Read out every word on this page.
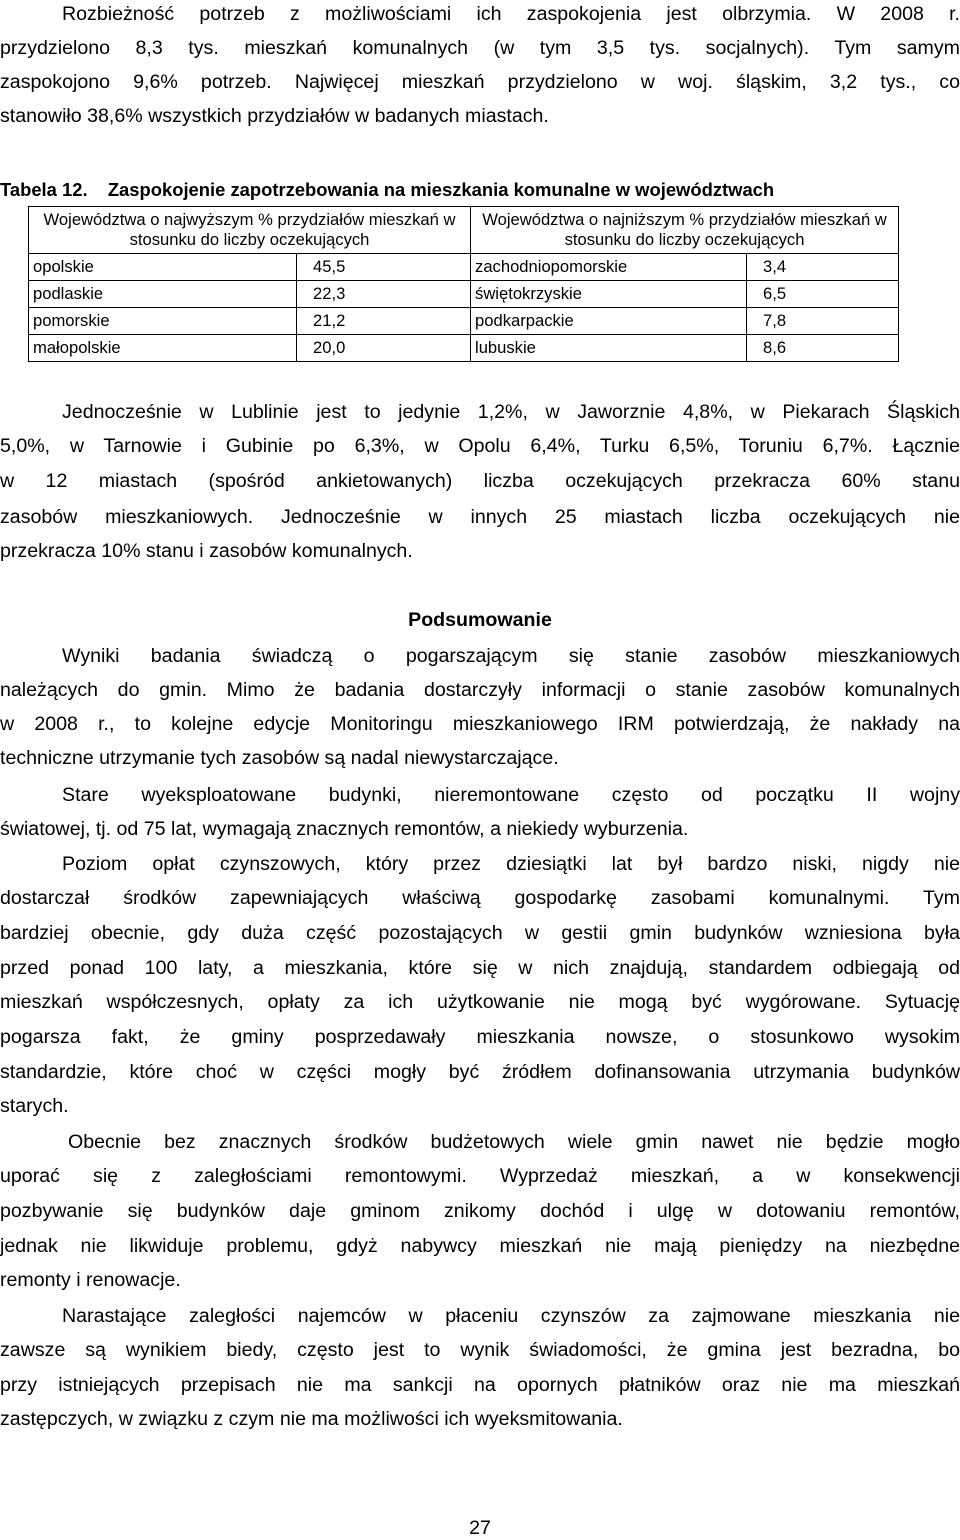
Rozbieżność potrzeb z możliwościami ich zaspokojenia jest olbrzymia. W 2008 r.
przydzielono 8,3 tys. mieszkań komunalnych (w tym 3,5 tys. socjalnych). Tym samym
zaspokojono 9,6% potrzeb. Najwięcej mieszkań przydzielono w woj. śląskim, 3,2 tys., co
stanowiło 38,6% wszystkich przydziałów w badanych miastach.
Tabela 12. Zaspokojenie zapotrzebowania na mieszkania komunalne w województwach
Województwa o najwyższym % przydziałów mieszkań w stosunku do liczby oczekujących		Województwa o najniższym % przydziałów mieszkań w stosunku do liczby oczekujących	
opolskie	45,5	zachodniopomorskie	3,4
podlaskie	22,3	świętokrzyskie	6,5
pomorskie	21,2	podkarpackie	7,8
małopolskie	20,0	lubuskie	8,6
Jednocześnie w Lublinie jest to jedynie 1,2%, w Jaworznie 4,8%, w Piekarach Śląskich
5,0%, w Tarnowie i Gubinie po 6,3%, w Opolu 6,4%, Turku 6,5%, Toruniu 6,7%. Łącznie
w 12 miastach (spośród ankietowanych) liczba oczekujących przekracza 60% stanu
zasobów mieszkaniowych. Jednocześnie w innych 25 miastach liczba oczekujących nie
przekracza 10% stanu i zasobów komunalnych.
Podsumowanie
Wyniki badania świadczą o pogarszającym się stanie zasobów mieszkaniowych
należących do gmin. Mimo że badania dostarczyły informacji o stanie zasobów komunalnych
w 2008 r., to kolejne edycje Monitoringu mieszkaniowego IRM potwierdzają, że nakłady na
techniczne utrzymanie tych zasobów są nadal niewystarczające.
Stare wyeksploatowane budynki, nieremontowane często od początku II wojny
światowej, tj. od 75 lat, wymagają znacznych remontów, a niekiedy wyburzenia.
Poziom opłat czynszowych, który przez dziesiątki lat był bardzo niski, nigdy nie
dostarczał środków zapewniających właściwą gospodarkę zasobami komunalnymi. Tym
bardziej obecnie, gdy duża część pozostających w gestii gmin budynków wzniesiona była
przed ponad 100 laty, a mieszkania, które się w nich znajdują, standardem odbiegają od
mieszkań współczesnych, opłaty za ich użytkowanie nie mogą być wygórowane. Sytuację
pogarsza fakt, że gminy posprzedawały mieszkania nowsze, o stosunkowo wysokim
standardzie, które choć w części mogły być źródłem dofinansowania utrzymania budynków
starych.
Obecnie bez znacznych środków budżetowych wiele gmin nawet nie będzie mogło
uporać się z zaległościami remontowymi. Wyprzedaż mieszkań, a w konsekwencji
pozbywanie się budynków daje gminom znikomy dochód i ulgę w dotowaniu remontów,
jednak nie likwiduje problemu, gdyż nabywcy mieszkań nie mają pieniędzy na niezbędne
remonty i renowacje.
Narastające zaległości najemców w płaceniu czynszów za zajmowane mieszkania nie
zawsze są wynikiem biedy, często jest to wynik świadomości, że gmina jest bezradna, bo
przy istniejących przepisach nie ma sankcji na opornych płatników oraz nie ma mieszkań
zastępczych, w związku z czym nie ma możliwości ich wyeksmitowania.
27
